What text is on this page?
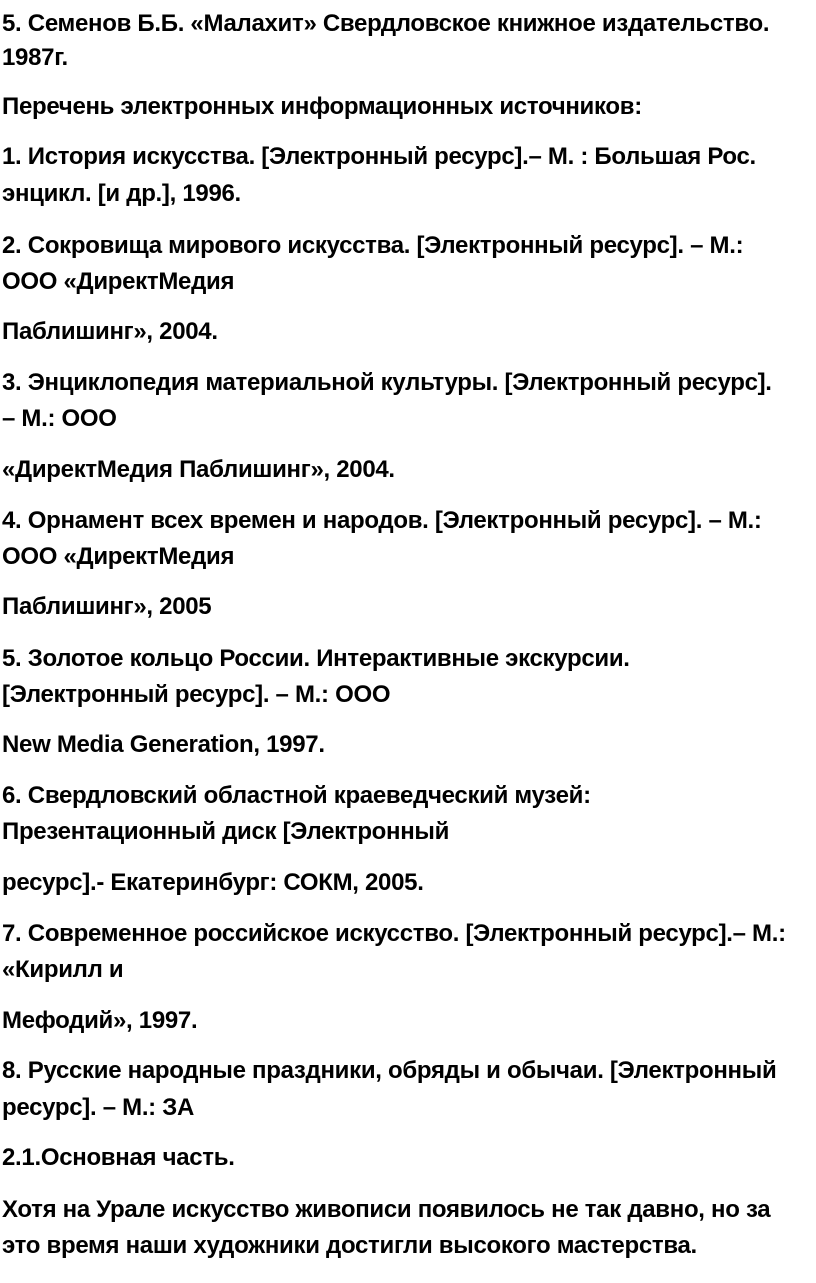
5. Семенов Б.Б. «Малахит» Свердловское книжное издательство.
1987г.
Перечень электронных информационных источников:
1. История искусства. [Электронный ресурс].– М. : Большая Рос.
энцикл. [и др.], 1996.
2. Сокровища мирового искусства. [Электронный ресурс]. – М.:
ООО «ДиректМедия
Паблишинг», 2004.
3. Энциклопедия материальной культуры. [Электронный ресурс].
– М.: ООО
«ДиректМедия Паблишинг», 2004.
4. Орнамент всех времен и народов. [Электронный ресурс]. – М.:
ООО «ДиректМедия
Паблишинг», 2005
5. Золотое кольцо России. Интерактивные экскурсии.
[Электронный ресурс]. – М.: ООО
New Media Generation, 1997.
6. Свердловский областной краеведческий музей:
Презентационный диск [Электронный
ресурс].- Екатеринбург: СОКМ, 2005.
7. Современное российское искусство. [Электронный ресурс].– М.:
«Кирилл и
Мефодий», 1997.
8. Русские народные праздники, обряды и обычаи. [Электронный
ресурс]. – М.: ЗА
2.1.Основная часть.
Хотя на Урале искусство живописи появилось не так давно, но за
это время наши художники достигли высокого мастерства.
